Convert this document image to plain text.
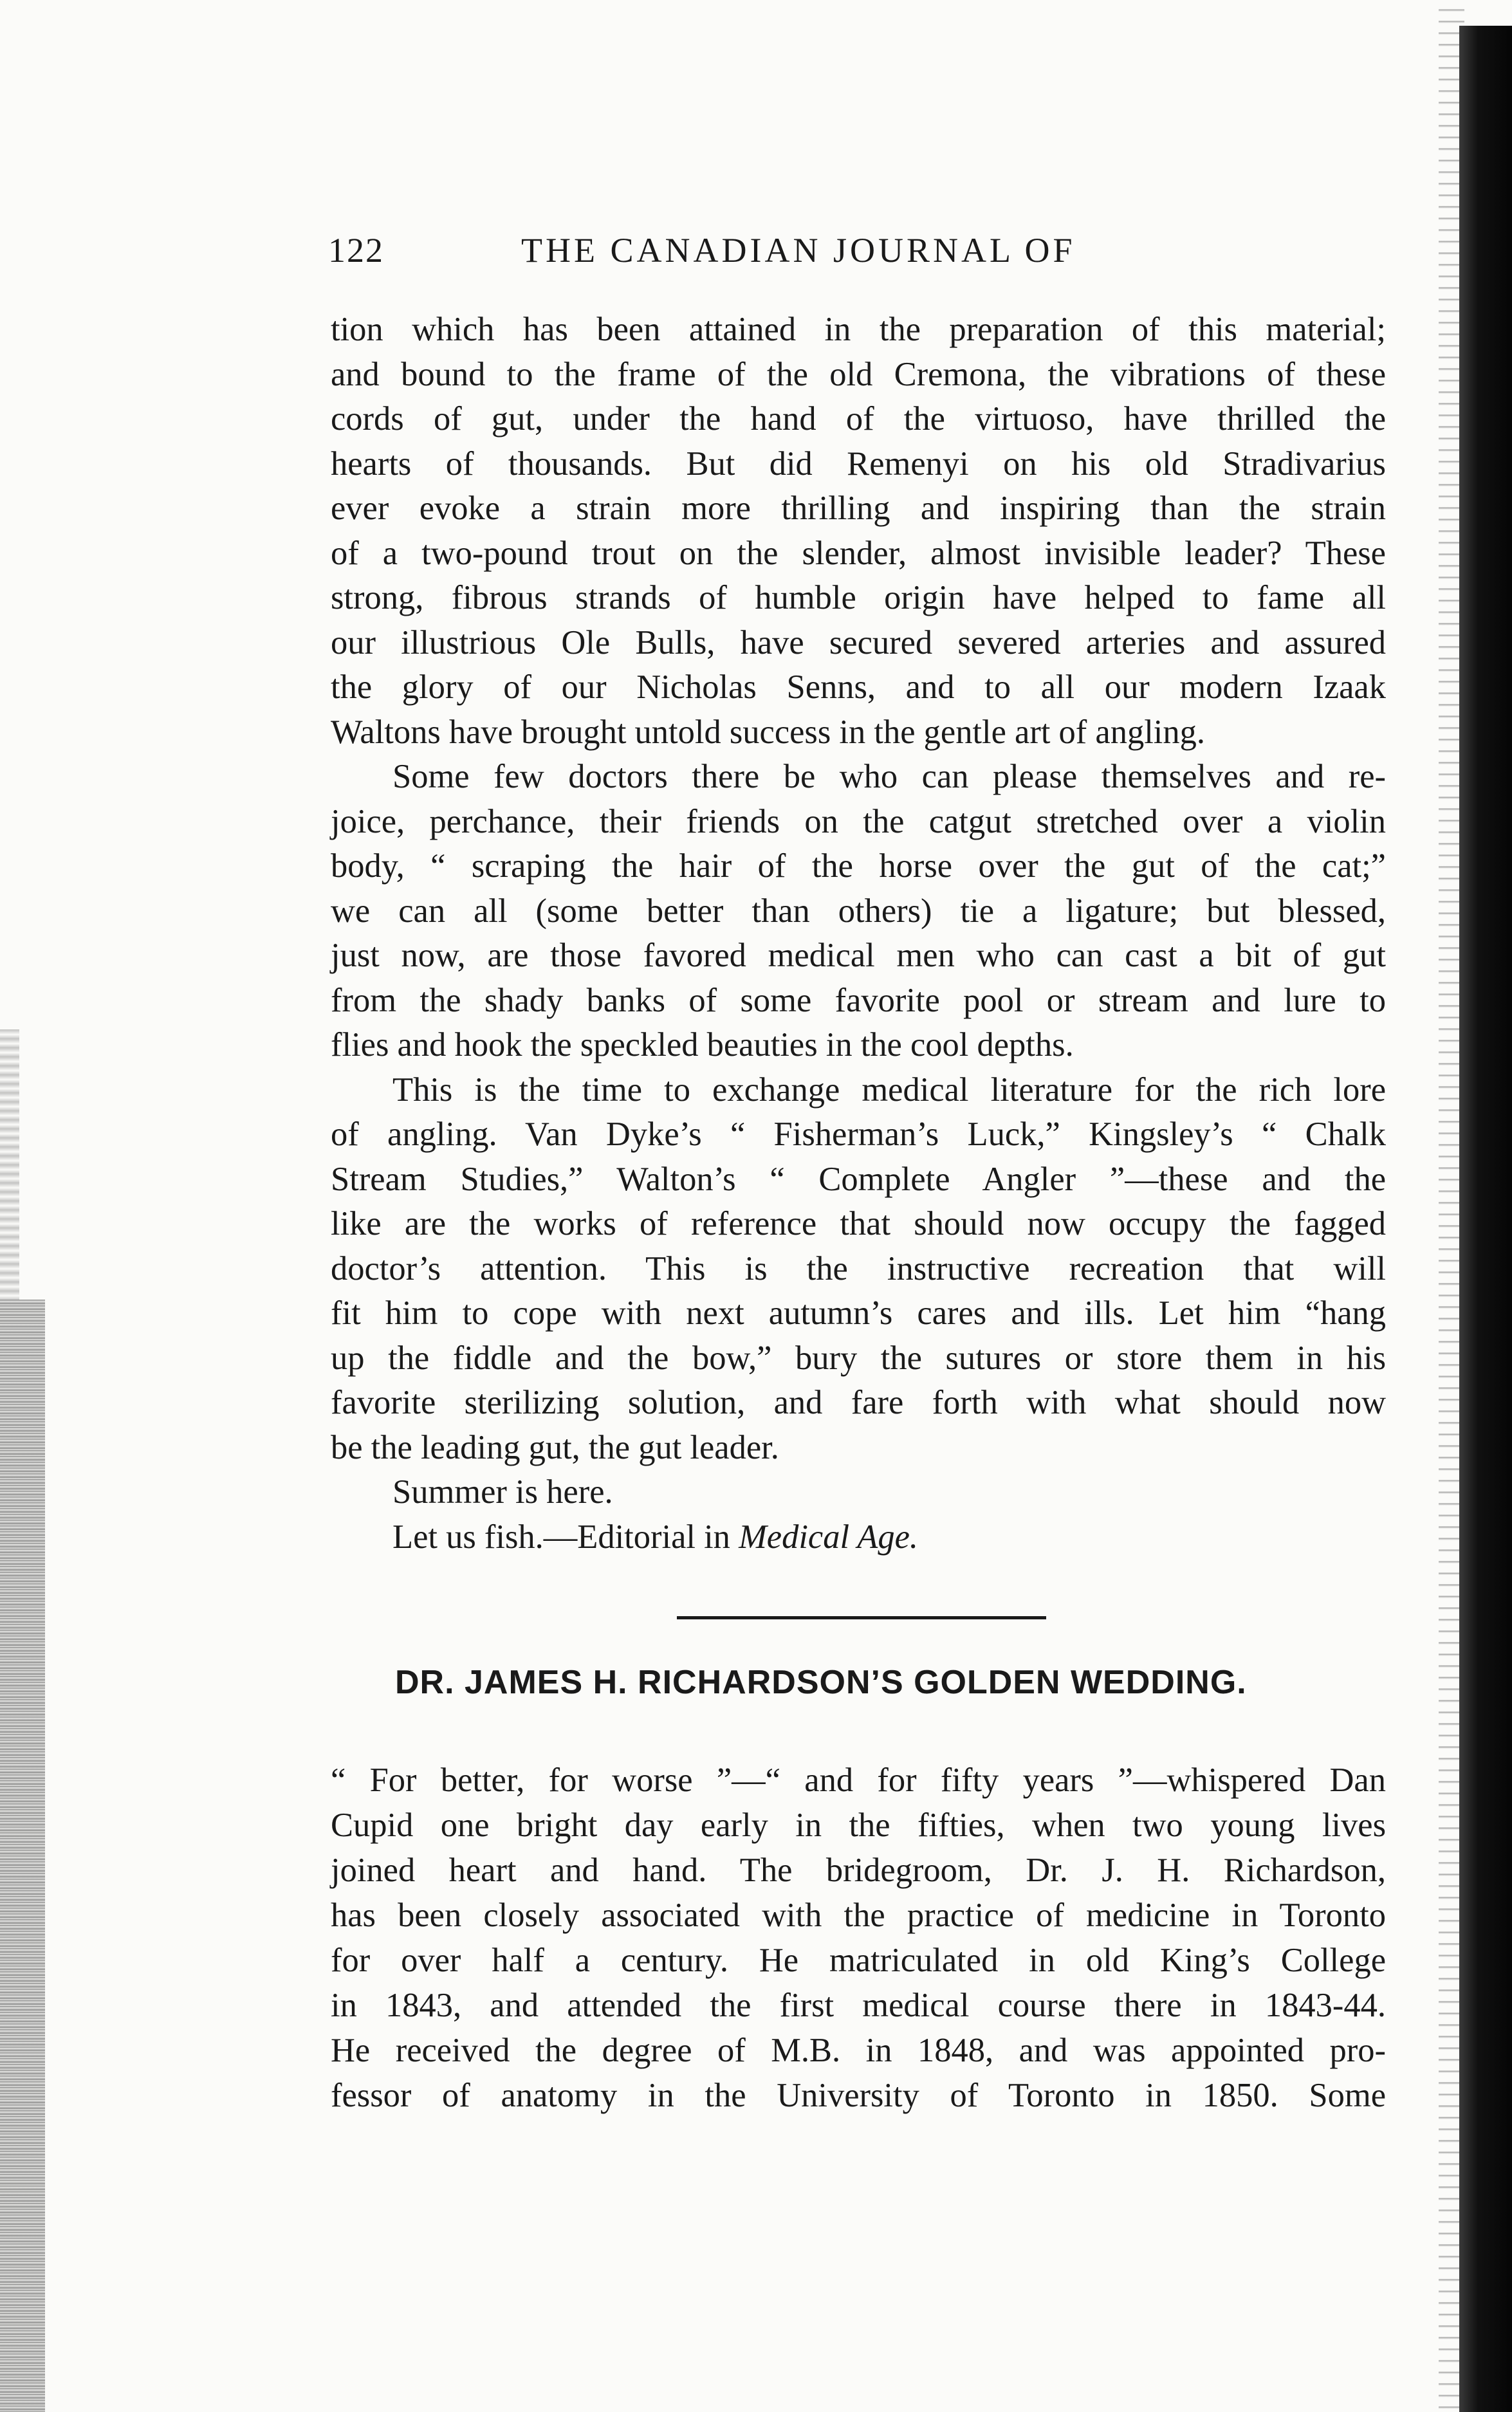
122	THE CANADIAN JOURNAL OF
tion which has been attained in the preparation of this material;
and bound to the frame of the old Cremona, the vibrations of these
cords of gut, under the hand of the virtuoso, have thrilled the
hearts of thousands. But did Remenyi on his old Stradivarius
ever evoke a strain more thrilling and inspiring than the strain
of a two-pound trout on the slender, almost invisible leader? These
strong, fibrous strands of humble origin have helped to fame all
our illustrious Ole Bulls, have secured severed arteries and assured
the glory of our Nicholas Senns, and to all our modern Izaak
Waltons have brought untold success in the gentle art of angling.
Some few doctors there be who can please themselves and re-
joice, perchance, their friends on the catgut stretched over a violin
body, “ scraping the hair of the horse over the gut of the cat;”
we can all (some better than others) tie a ligature; but blessed,
just now, are those favored medical men who can cast a bit of gut
from the shady banks of some favorite pool or stream and lure to
flies and hook the speckled beauties in the cool depths.
This is the time to exchange medical literature for the rich lore
of angling. Van Dyke’s “ Fisherman’s Luck,” Kingsley’s “ Chalk
Stream Studies,” Walton’s “ Complete Angler ”—these and the
like are the works of reference that should now occupy the fagged
doctor’s attention. This is the instructive recreation that will
fit him to cope with next autumn’s cares and ills. Let him “hang
up the fiddle and the bow,” bury the sutures or store them in his
favorite sterilizing solution, and fare forth with what should now
be the leading gut, the gut leader.
Summer is here.
Let us fish.—Editorial in Medical Age.
DR. JAMES H. RICHARDSON’S GOLDEN WEDDING.
“ For better, for worse ”—“ and for fifty years ”—whispered Dan
Cupid one bright day early in the fifties, when two young lives
joined heart and hand. The bridegroom, Dr. J. H. Richardson,
has been closely associated with the practice of medicine in Toronto
for over half a century. He matriculated in old King’s College
in 1843, and attended the first medical course there in 1843-44.
He received the degree of M.B. in 1848, and was appointed pro-
fessor of anatomy in the University of Toronto in 1850. Some
